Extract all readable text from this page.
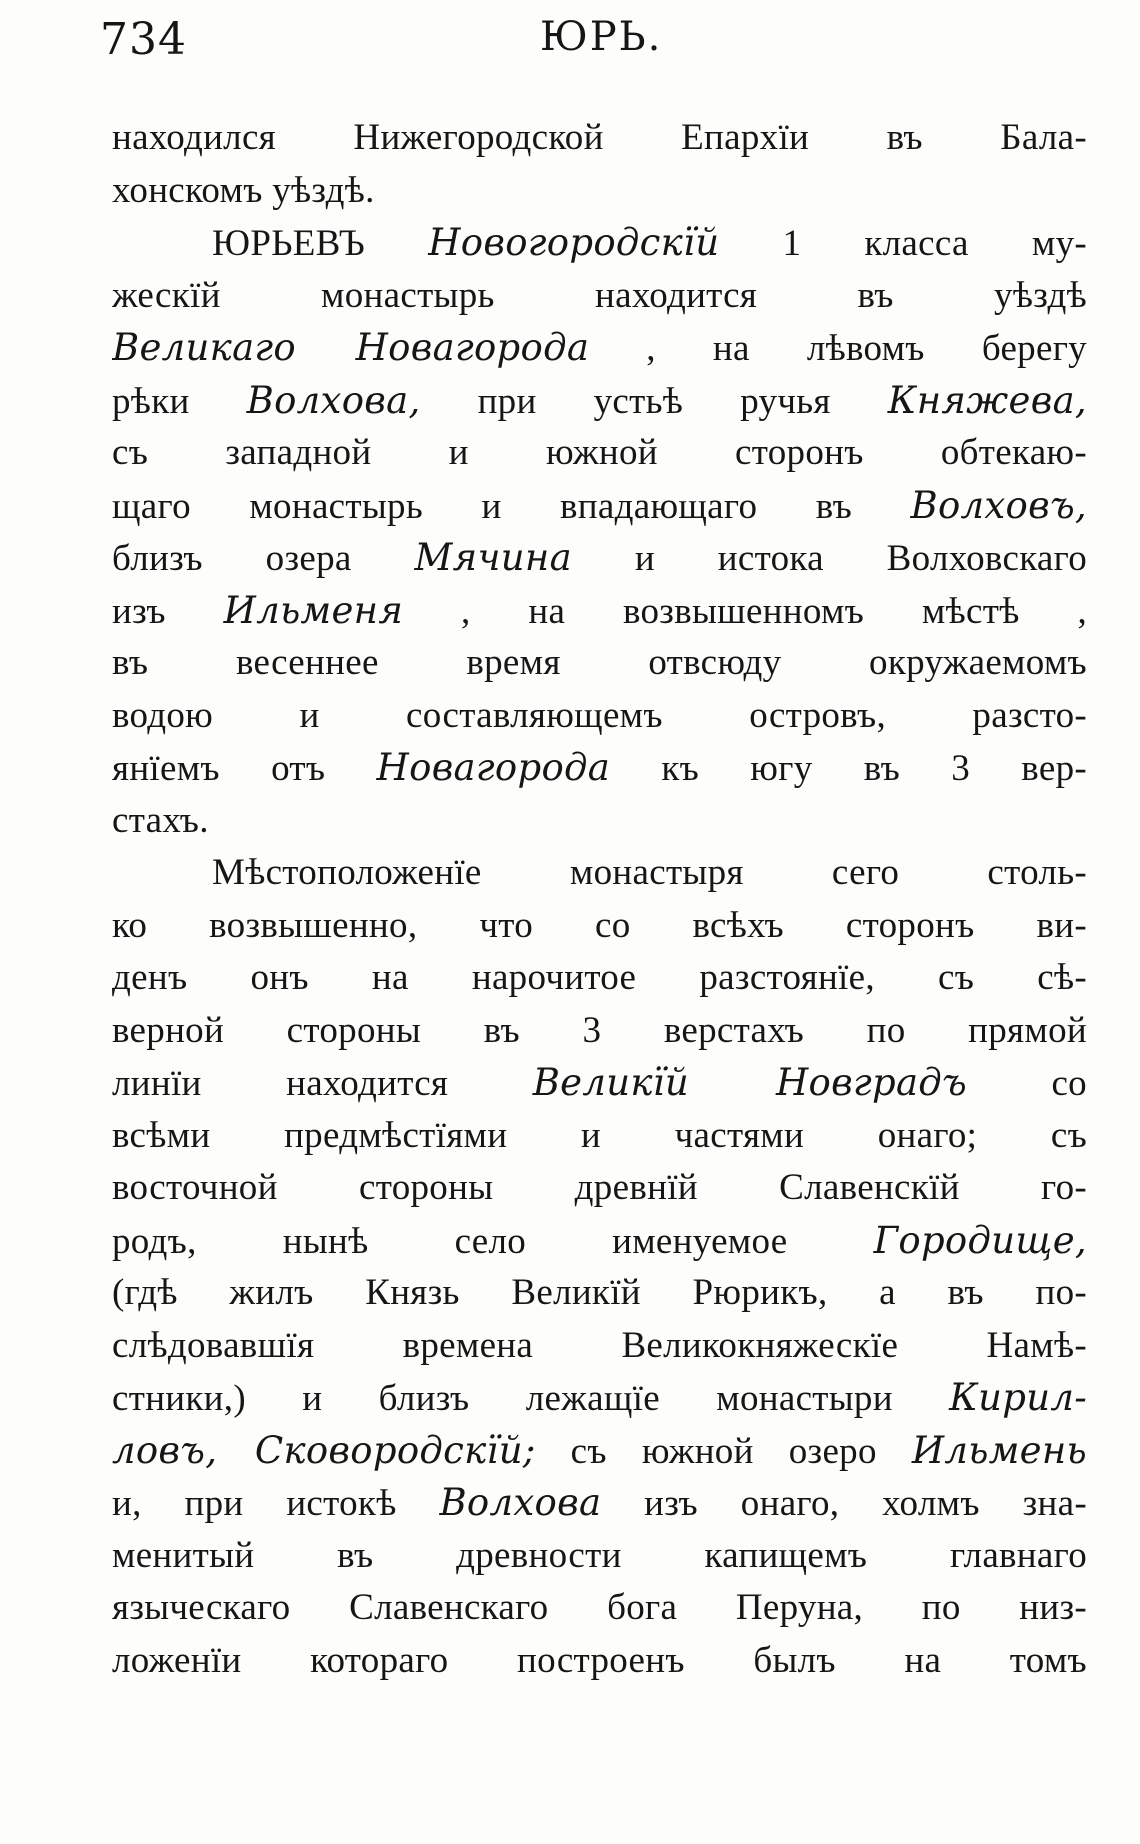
734	ЮРЬ.
находился Нижегородской Епархїи въ Бала-
хонскомъ уѣздѣ.
ЮРЬЕВЪ Новогородскїй 1 класса му-
жескїй монастырь находится въ уѣздѣ
Великаго Новагорода , на лѣвомъ берегу
рѣки Волхова, при устьѣ ручья Княжева,
съ западной и южной сторонъ обтекаю-
щаго монастырь и впадающаго въ Волховъ,
близъ озера Мячина и истока Волховскаго
изъ Ильменя , на возвышенномъ мѣстѣ ,
въ весеннее время отвсюду окружаемомъ
водою и составляющемъ островъ, разсто-
янїемъ отъ Новагорода къ югу въ 3 вер-
стахъ.
Мѣстоположенїе монастыря сего столь-
ко возвышенно, что со всѣхъ сторонъ ви-
денъ онъ на нарочитое разстоянїе, съ сѣ-
верной стороны въ 3 верстахъ по прямой
линїи находится Великїй Новградъ со
всѣми предмѣстїями и частями онаго; съ
восточной стороны древнїй Славенскїй го-
родъ, нынѣ село именуемое Городище,
(гдѣ жилъ Князь Великїй Рюрикъ, а въ по-
слѣдовавшїя времена Великокняжескїе Намѣ-
стники,) и близъ лежащїе монастыри Кирил-
ловъ, Сковородскїй; съ южной озеро Ильмень
и, при истокѣ Волхова изъ онаго, холмъ зна-
менитый въ древности капищемъ главнаго
языческаго Славенскаго бога Перуна, по низ-
ложенїи котораго построенъ былъ на томъ
